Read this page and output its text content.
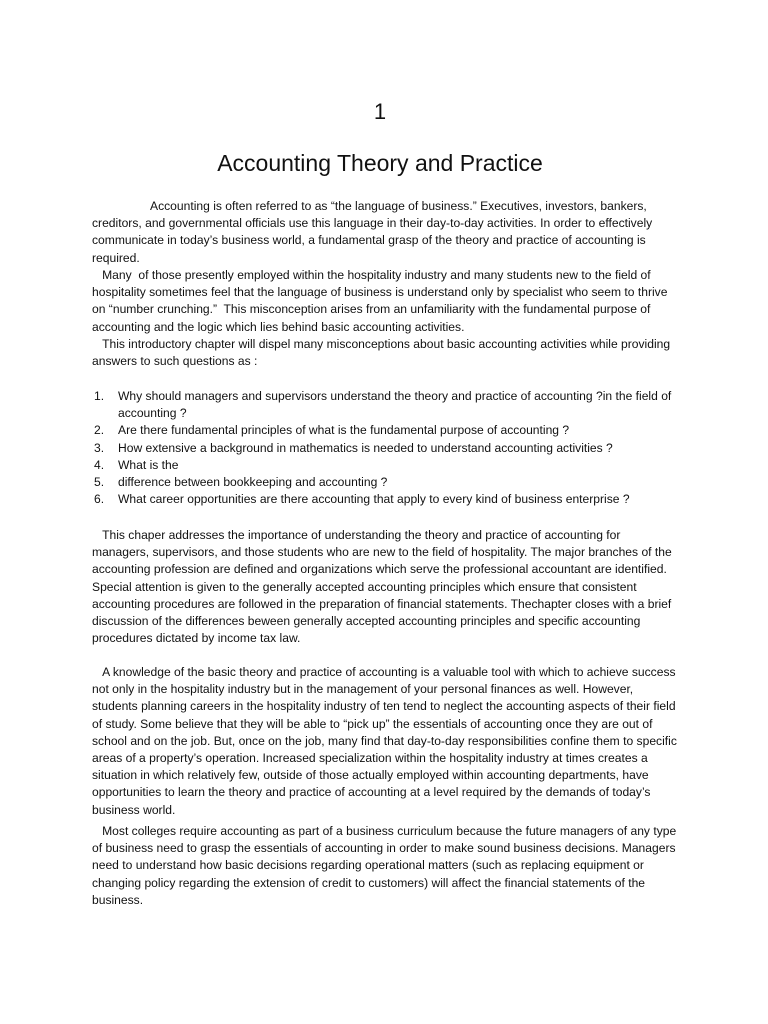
1
Accounting Theory and Practice

Accounting is often referred to as “the language of business.” Executives, investors, bankers, creditors, and governmental officials use this language in their day-to-day activities. In order to effectively communicate in today’s business world, a fundamental grasp of the theory and practice of accounting is required.

Many  of those presently employed within the hospitality industry and many students new to the field of hospitality sometimes feel that the language of business is understand only by specialist who seem to thrive on “number crunching.”  This misconception arises from an unfamiliarity with the fundamental purpose of accounting and the logic which lies behind basic accounting activities.

This introductory chapter will dispel many misconceptions about basic accounting activities while providing answers to such questions as :

1. Why should managers and supervisors understand the theory and practice of accounting ?in the field of accounting ?
2. Are there fundamental principles of what is the fundamental purpose of accounting ?
3. How extensive a background in mathematics is needed to understand accounting activities ?
4. What is the
5. difference between bookkeeping and accounting ?
6. What career opportunities are there accounting that apply to every kind of business enterprise ?

This chaper addresses the importance of understanding the theory and practice of accounting for managers, supervisors, and those students who are new to the field of hospitality. The major branches of the accounting profession are defined and organizations which serve the professional accountant are identified. Special attention is given to the generally accepted accounting principles which ensure that consistent accounting procedures are followed in the preparation of financial statements. Thechapter closes with a brief discussion of the differences beween generally accepted accounting principles and specific accounting procedures dictated by income tax law.

A knowledge of the basic theory and practice of accounting is a valuable tool with which to achieve success not only in the hospitality industry but in the management of your personal finances as well. However, students planning careers in the hospitality industry of ten tend to neglect the accounting aspects of their field of study. Some believe that they will be able to “pick up” the essentials of accounting once they are out of school and on the job. But, once on the job, many find that day-to-day responsibilities confine them to specific areas of a property’s operation. Increased specialization within the hospitality industry at times creates a situation in which relatively few, outside of those actually employed within accounting departments, have opportunities to learn the theory and practice of accounting at a level required by the demands of today’s business world.

Most colleges require accounting as part of a business curriculum because the future managers of any type of business need to grasp the essentials of accounting in order to make sound business decisions. Managers need to understand how basic decisions regarding operational matters (such as replacing equipment or changing policy regarding the extension of credit to customers) will affect the financial statements of the business.
